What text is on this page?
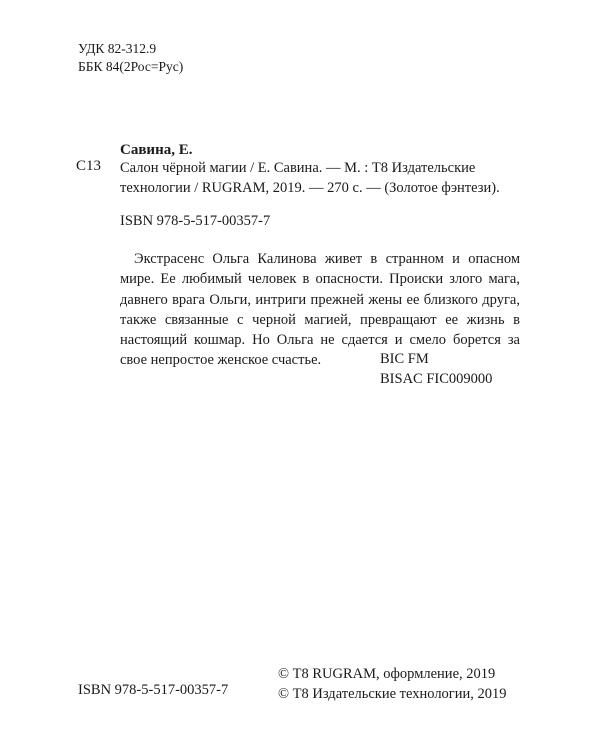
УДК 82-312.9
ББК 84(2Рос=Рус)
Савина, Е.
С13 Салон чёрной магии / Е. Савина. — М. : Т8 Издательские
технологии / RUGRAM, 2019. — 270 с. — (Золотое фэнтези).
ISBN 978-5-517-00357-7

Экстрасенс Ольга Калинова живет в странном и опасном мире. Ее любимый человек в опасности. Происки злого мага, давнего врага Ольги, интриги прежней жены ее близкого друга, также связанные с черной магией, превращают ее жизнь в настоящий кошмар. Но Ольга не сдается и смело борется за свое непростое женское счастье.	BIC FM
BISAC FIC009000
ISBN 978-5-517-00357-7
© Т8 RUGRAM, оформление, 2019
© Т8 Издательские технологии, 2019
